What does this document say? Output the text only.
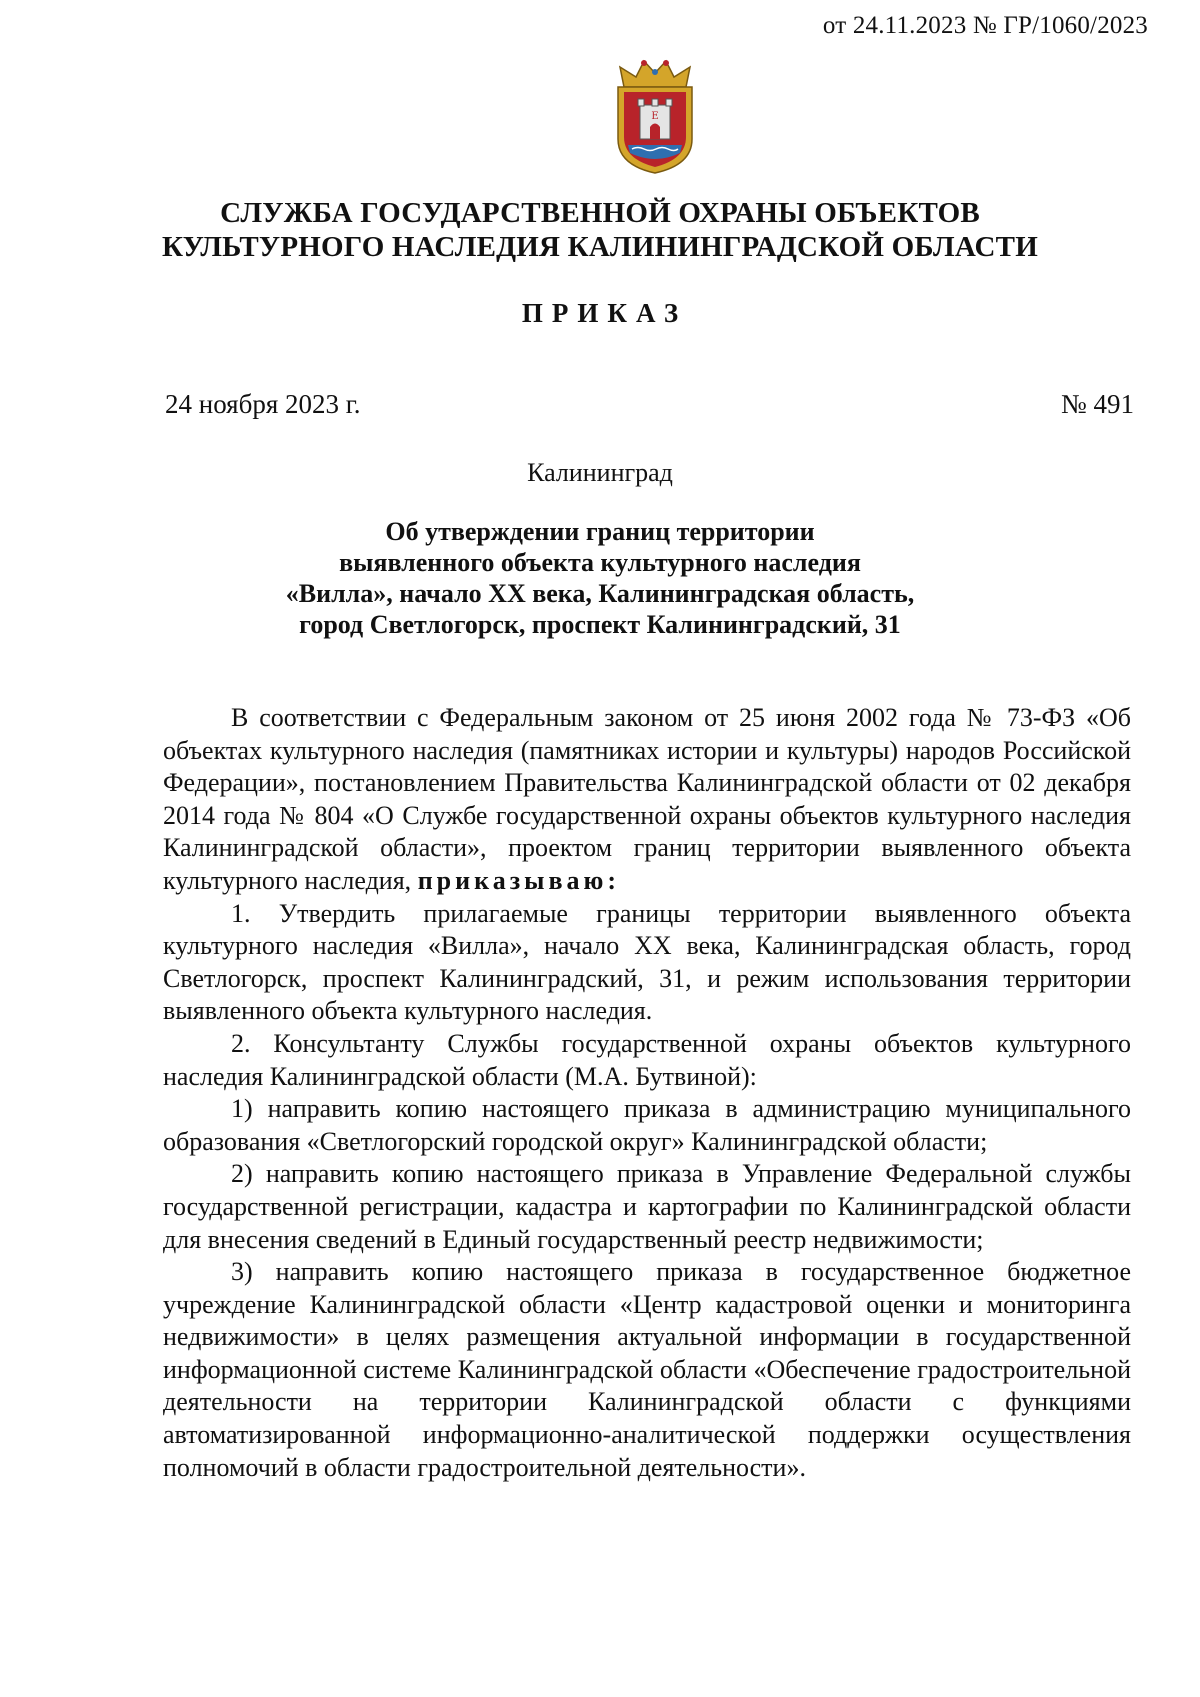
от 24.11.2023 № ГР/1060/2023
Е
СЛУЖБА ГОСУДАРСТВЕННОЙ ОХРАНЫ ОБЪЕКТОВ
КУЛЬТУРНОГО НАСЛЕДИЯ КАЛИНИНГРАДСКОЙ ОБЛАСТИ
ПРИКАЗ
24 ноября 2023 г.	№ 491
Калининград
Об утверждении границ территории
выявленного объекта культурного наследия
«Вилла», начало XX века, Калининградская область,
город Светлогорск, проспект Калининградский, 31

В соответствии с Федеральным законом от 25 июня 2002 года № 73-ФЗ «Об объектах культурного наследия (памятниках истории и культуры) народов Российской Федерации», постановлением Правительства Калининградской области от 02 декабря 2014 года № 804 «О Службе государственной охраны объектов культурного наследия Калининградской области», проектом границ территории выявленного объекта культурного наследия, приказываю:

1. Утвердить прилагаемые границы территории выявленного объекта культурного наследия «Вилла», начало XX века, Калининградская область, город Светлогорск, проспект Калининградский, 31, и режим использования территории выявленного объекта культурного наследия.

2. Консультанту Службы государственной охраны объектов культурного наследия Калининградской области (М.А. Бутвиной):

1) направить копию настоящего приказа в администрацию муниципального образования «Светлогорский городской округ» Калининградской области;

2) направить копию настоящего приказа в Управление Федеральной службы государственной регистрации, кадастра и картографии по Калининградской области для внесения сведений в Единый государственный реестр недвижимости;

3) направить копию настоящего приказа в государственное бюджетное учреждение Калининградской области «Центр кадастровой оценки и мониторинга недвижимости» в целях размещения актуальной информации в государственной информационной системе Калининградской области «Обеспечение градостроительной деятельности на территории Калининградской области с функциями автоматизированной информационно-аналитической поддержки осуществления полномочий в области градостроительной деятельности».
